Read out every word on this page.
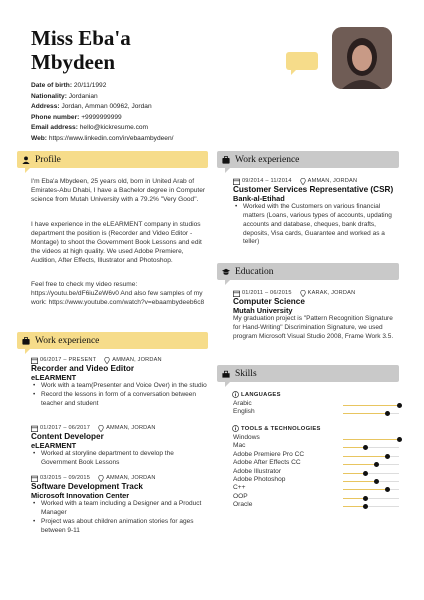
Miss Eba'a
Mbydeen
Date of birth: 20/11/1992
Nationality: Jordanian
Address: Jordan, Amman 00962, Jordan
Phone number: +9999999999
Email address: hello@kickresume.com
Web: https://www.linkedin.com/in/ebaambydeen/
Profile
I'm Eba'a Mbydeen, 25 years old, born in United Arab of Emirates-Abu Dhabi, I have a Bachelor degree in Computer science from Mutah University with a 79.2% "Very Good".
I have experience in the eLEARMENT company in studios department the position is (Recorder and Video Editor - Montage) to shoot the Government Book Lessons and edit the videos at high quality. We used Adobe Premiere, Audition, After Effects, Illustrator and Photoshop.
Feel free to check my video resume: https://youtu.be/dF6iuZeW6v0 And also few samples of my work: https://www.youtube.com/watch?v=ebaambydeeb6c8
Work experience
06/2017 – PRESENT	AMMAN, JORDAN
Recorder and Video Editor
eLEARMENT
• Work with a team(Presenter and Voice Over) in the studio
• Record the lessons in form of a conversation between teacher and student
01/2017 – 06/2017	AMMAN, JORDAN
Content Developer
eLEARMENT
• Worked at storyline department to develop the Government Book Lessons
03/2015 – 09/2015	AMMAN, JORDAN
Software Development Track
Microsoft Innovation Center
• Worked with a team including a Designer and a Product Manager
• Project was about children animation stories for ages between 9-11
Work experience
09/2014 – 11/2014	AMMAN, JORDAN
Customer Services Representative (CSR)
Bank-al-Etihad
• Worked with the Customers on various financial matters (Loans, various types of accounts, updating accounts and database, cheques, bank drafts, deposits, Visa cards, Guarantee and worked as a teller)
Education
01/2011 – 06/2015	KARAK, JORDAN
Computer Science
Mutah University
My graduation project is "Pattern Recognition Signature for Hand-Writing" Discrimination Signature, we used program Microsoft Visual Studio 2008, Frame Work 3.5.
Skills
LANGUAGES
Arabic
English
TOOLS & TECHNOLOGIES
Windows
Mac
Adobe Premiere Pro CC
Adobe After Effects CC
Adobe Illustrator
Adobe Photoshop
C++
OOP
Oracle
